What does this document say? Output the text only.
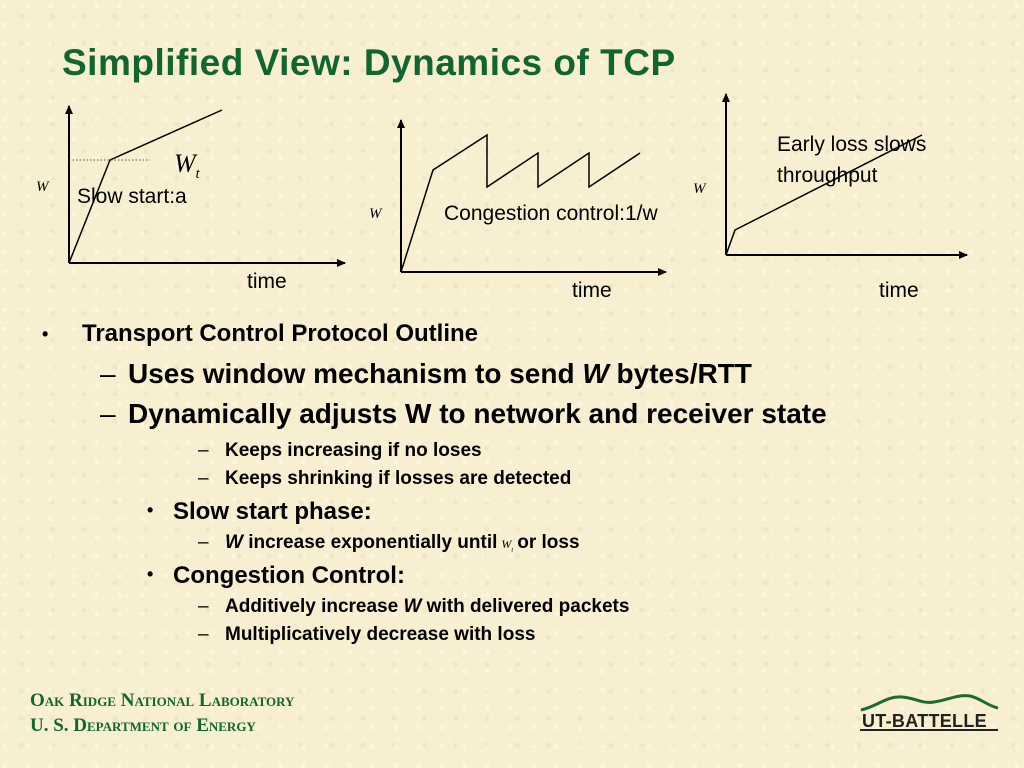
Simplified View: Dynamics of TCP
W Slow start:a
$W_t$
time
W	Congestion control:1/w
time
W
Early loss slows
throughput
time
• Transport Control Protocol Outline
– Uses window mechanism to send W bytes/RTT
– Dynamically adjusts W to network and receiver state
– Keeps increasing if no loses
– Keeps shrinking if losses are detected
• Slow start phase:
– W increase exponentially until $W_t$ or loss
• Congestion Control:
– Additively increase W with delivered packets
– Multiplicatively decrease with loss
Oak Ridge National Laboratory
U. S. Department of Energy	UT-BATTELLE
